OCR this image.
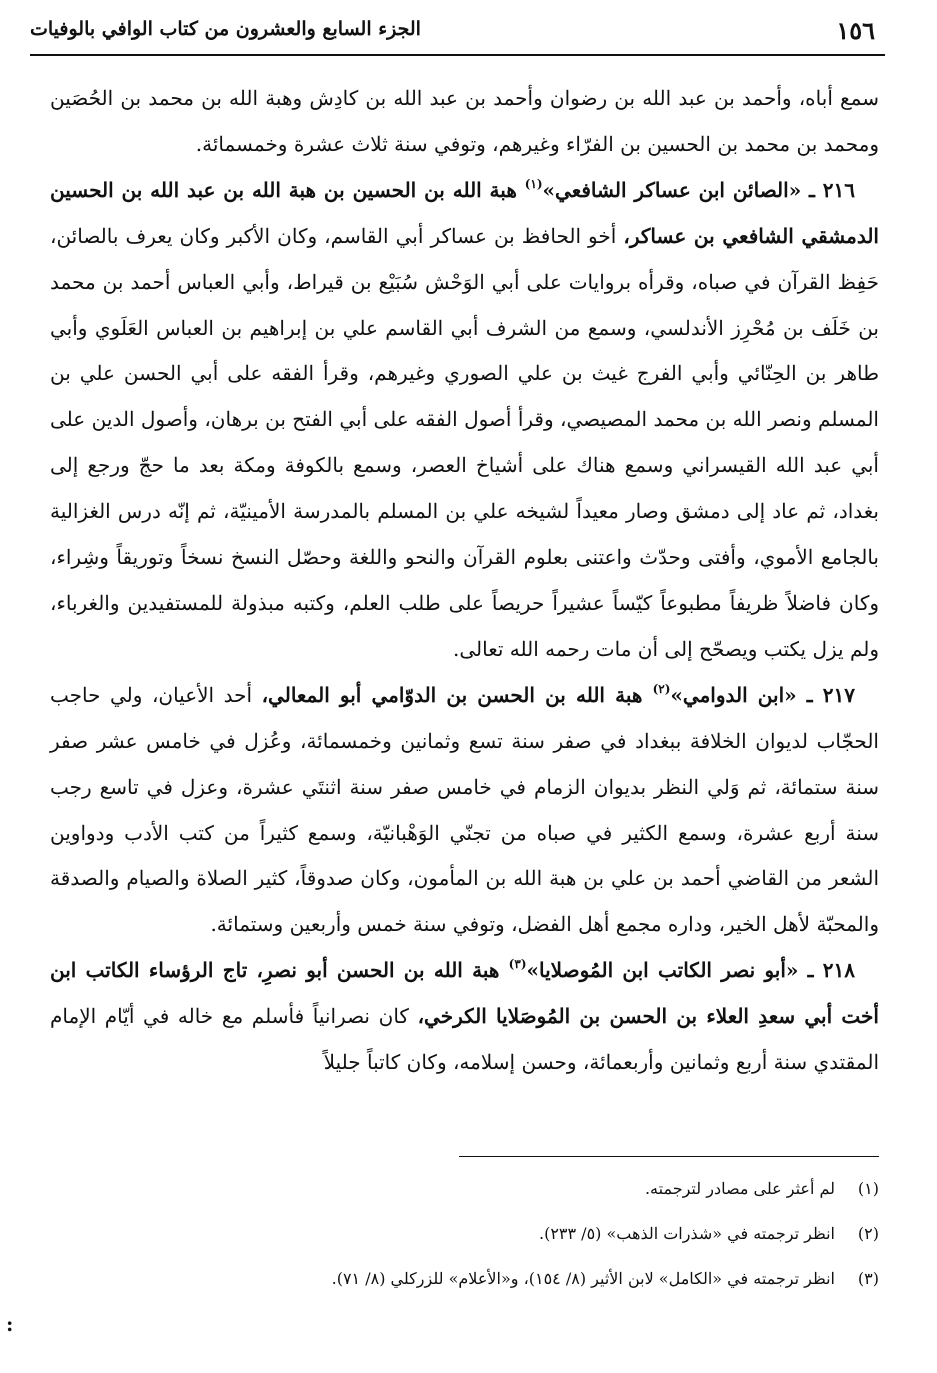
١٥٦
الجزء السابع والعشرون من كتاب الوافي بالوفيات

سمع أباه، وأحمد بن عبد الله بن رضوان وأحمد بن عبد الله بن كادِش وهبة الله بن محمد بن الحُصَين ومحمد بن محمد بن الحسين بن الفرّاء وغيرهم، وتوفي سنة ثلاث عشرة وخمسمائة.

٢١٦ ـ «الصائن ابن عساكر الشافعي»$^{(١)}$ هبة الله بن الحسين بن هبة الله بن عبد الله بن الحسين الدمشقي الشافعي بن عساكر، أخو الحافظ بن عساكر أبي القاسم، وكان الأكبر وكان يعرف بالصائن، حَفِظ القرآن في صباه، وقرأه بروايات على أبي الوَحْش سُبَيْع بن قيراط، وأبي العباس أحمد بن محمد بن خَلَف بن مُحْرِز الأندلسي، وسمع من الشرف أبي القاسم علي بن إبراهيم بن العباس العَلَوي وأبي طاهر بن الحِنّائي وأبي الفرج غيث بن علي الصوري وغيرهم، وقرأ الفقه على أبي الحسن علي بن المسلم ونصر الله بن محمد المصيصي، وقرأ أصول الفقه على أبي الفتح بن برهان، وأصول الدين على أبي عبد الله القيسراني وسمع هناك على أشياخ العصر، وسمع بالكوفة ومكة بعد ما حجّ ورجع إلى بغداد، ثم عاد إلى دمشق وصار معيداً لشيخه علي بن المسلم بالمدرسة الأمينيّة، ثم إنّه درس الغزالية بالجامع الأموي، وأفتى وحدّث واعتنى بعلوم القرآن والنحو واللغة وحصّل النسخ نسخاً وتوريقاً وشِراء، وكان فاضلاً ظريفاً مطبوعاً كيّساً عشيراً حريصاً على طلب العلم، وكتبه مبذولة للمستفيدين والغرباء، ولم يزل يكتب ويصحّح إلى أن مات رحمه الله تعالى.

٢١٧ ـ «ابن الدوامي»$^{(٢)}$ هبة الله بن الحسن بن الدوّامي أبو المعالي، أحد الأعيان، ولي حاجب الحجّاب لديوان الخلافة ببغداد في صفر سنة تسع وثمانين وخمسمائة، وعُزل في خامس عشر صفر سنة ستمائة، ثم وَلي النظر بديوان الزمام في خامس صفر سنة اثنتَي عشرة، وعزل في تاسع رجب سنة أربع عشرة، وسمع الكثير في صباه من تجنّي الوَهْبانيّة، وسمع كثيراً من كتب الأدب ودواوين الشعر من القاضي أحمد بن علي بن هبة الله بن المأمون، وكان صدوقاً، كثير الصلاة والصيام والصدقة والمحبّة لأهل الخير، وداره مجمع أهل الفضل، وتوفي سنة خمس وأربعين وستمائة.

٢١٨ ـ «أبو نصر الكاتب ابن المُوصلايا»$^{(٣)}$ هبة الله بن الحسن أبو نصرِ، تاج الرؤساء الكاتب ابن أخت أبي سعدِ العلاء بن الحسن بن المُوصَلايا الكرخي، كان نصرانياً فأسلم مع خاله في أيّام الإمام المقتدي سنة أربع وثمانين وأربعمائة، وحسن إسلامه، وكان كاتباً جليلاً

(١)لم أعثر على مصادر لترجمته.
(٢)انظر ترجمته في «شذرات الذهب» (٥/ ٢٣٣).
(٣)انظر ترجمته في «الكامل» لابن الأثير (٨/ ١٥٤)، و«الأعلام» للزركلي (٨/ ٧١).
:
